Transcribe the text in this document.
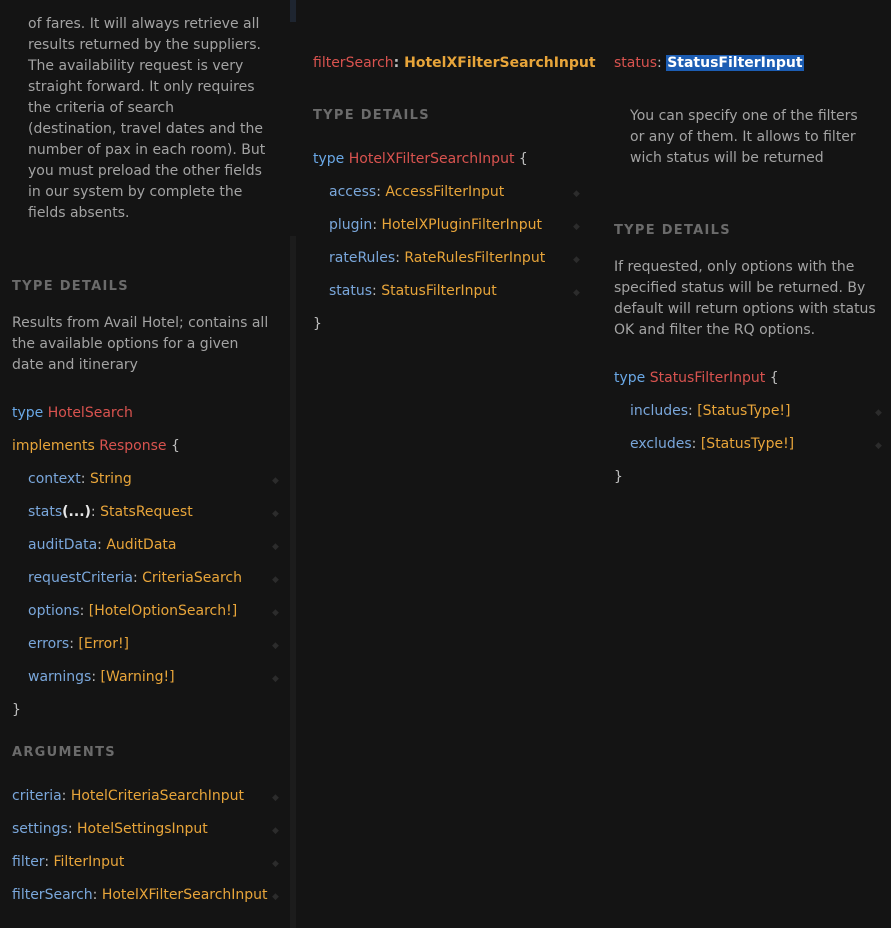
of fares. It will always retrieve all results returned by the suppliers. The availability request is very straight forward. It only requires the criteria of search (destination, travel dates and the number of pax in each room). But you must preload the other fields in our system by complete the fields absents.

TYPE DETAILS

Results from Avail Hotel; contains all the available options for a given date and itinerary

type HotelSearch
implements Response {
context: String
stats(...): StatsRequest
auditData: AuditData
requestCriteria: CriteriaSearch
options: [HotelOptionSearch!]
errors: [Error!]
warnings: [Warning!]
}
ARGUMENTS
criteria: HotelCriteriaSearchInput
settings: HotelSettingsInput
filter: FilterInput
filterSearch: HotelXFilterSearchInput
◆
◆
◆
◆
◆
◆
◆
◆
◆
◆
◆
filterSearch: HotelXFilterSearchInput
TYPE DETAILS
type HotelXFilterSearchInput {
access: AccessFilterInput
plugin: HotelXPluginFilterInput
rateRules: RateRulesFilterInput
status: StatusFilterInput
}
◆
◆
◆
◆
status: StatusFilterInput

You can specify one of the filters or any of them. It allows to filter wich status will be returned

TYPE DETAILS

If requested, only options with the specified status will be returned. By default will return options with status OK and filter the RQ options.

type StatusFilterInput {
includes: [StatusType!]
excludes: [StatusType!]
}
◆
◆
